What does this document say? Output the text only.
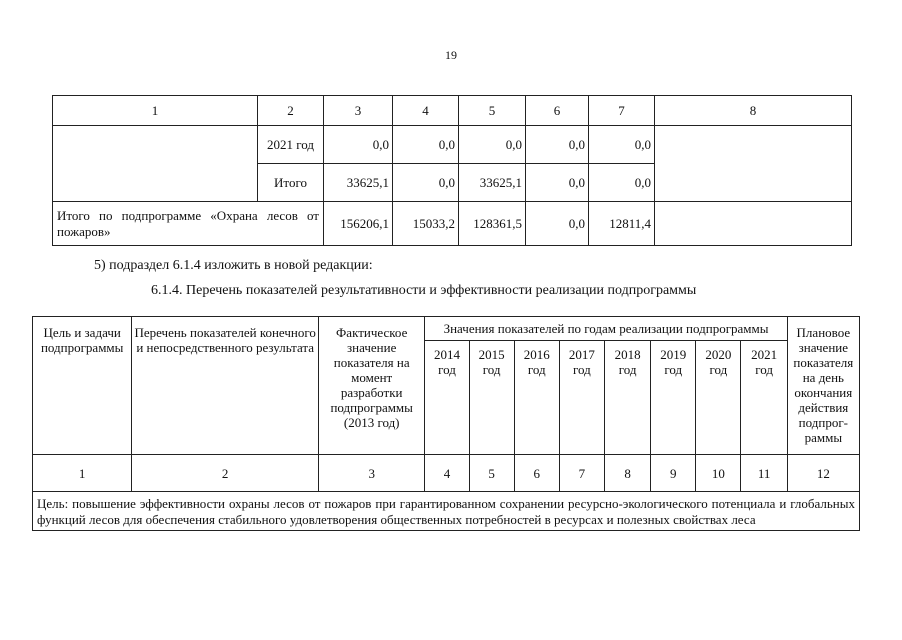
19
1	2	3	4	5	6	7	8
	2021 год	0,0	0,0	0,0	0,0	0,0	
	Итого	33625,1	0,0	33625,1	0,0	0,0	
Итого по подпрограмме «Охрана лесов от пожаров»		156206,1	15033,2	128361,5	0,0	12811,4	
5) подраздел 6.1.4 изложить в новой редакции:
6.1.4. Перечень показателей результативности и эффективности реализации подпрограммы
Цель и задачи подпрограммы	Перечень показателей конечного и непосредственного результата	Фактическое значение показателя на момент разработки подпрограммы (2013 год)	Значения показателей по годам реализации подпрограммы								Плановое значение показателя на день окончания действия подпрог-раммы
			2014 год	2015 год	2016 год	2017 год	2018 год	2019 год	2020 год	2021 год	
1	2	3	4	5	6	7	8	9	10	11	12
Цель: повышение эффективности охраны лесов от пожаров при гарантированном сохранении ресурсно-экологического потенциала и глобальных функций лесов для обеспечения стабильного удовлетворения общественных потребностей в ресурсах и полезных свойствах леса											
